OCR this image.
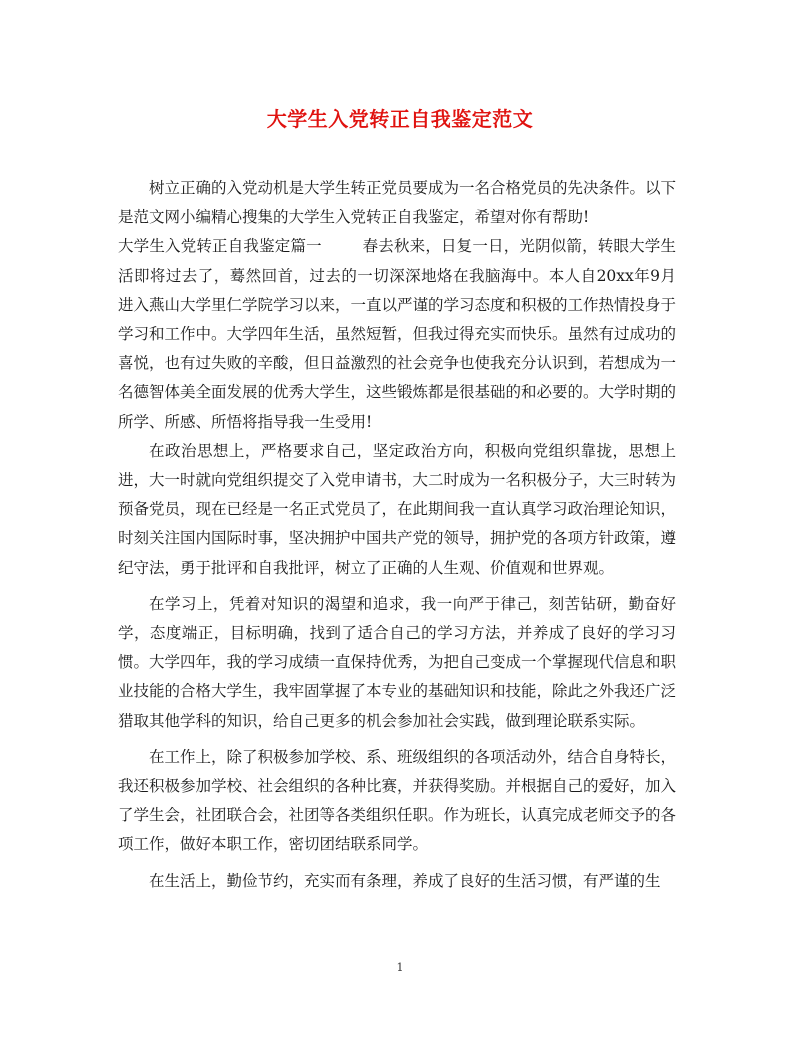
大学生入党转正自我鉴定范文

树立正确的入党动机是大学生转正党员要成为一名合格党员的先决条件。以下是范文网小编精心搜集的大学生入党转正自我鉴定，希望对你有帮助!

大学生入党转正自我鉴定篇一	春去秋来，日复一日，光阴似箭，转眼大学生活即将过去了，蓦然回首，过去的一切深深地烙在我脑海中。本人自20xx年9月进入燕山大学里仁学院学习以来，一直以严谨的学习态度和积极的工作热情投身于学习和工作中。大学四年生活，虽然短暂，但我过得充实而快乐。虽然有过成功的喜悦，也有过失败的辛酸，但日益激烈的社会竞争也使我充分认识到，若想成为一名德智体美全面发展的优秀大学生，这些锻炼都是很基础的和必要的。大学时期的所学、所感、所悟将指导我一生受用!

在政治思想上，严格要求自己，坚定政治方向，积极向党组织靠拢，思想上进，大一时就向党组织提交了入党申请书，大二时成为一名积极分子，大三时转为预备党员，现在已经是一名正式党员了，在此期间我一直认真学习政治理论知识，时刻关注国内国际时事，坚决拥护中国共产党的领导，拥护党的各项方针政策，遵纪守法，勇于批评和自我批评，树立了正确的人生观、价值观和世界观。

在学习上，凭着对知识的渴望和追求，我一向严于律己，刻苦钻研，勤奋好学，态度端正，目标明确，找到了适合自己的学习方法，并养成了良好的学习习惯。大学四年，我的学习成绩一直保持优秀，为把自己变成一个掌握现代信息和职业技能的合格大学生，我牢固掌握了本专业的基础知识和技能，除此之外我还广泛猎取其他学科的知识，给自己更多的机会参加社会实践，做到理论联系实际。

在工作上，除了积极参加学校、系、班级组织的各项活动外，结合自身特长，我还积极参加学校、社会组织的各种比赛，并获得奖励。并根据自己的爱好，加入了学生会，社团联合会，社团等各类组织任职。作为班长，认真完成老师交予的各项工作，做好本职工作，密切团结联系同学。

在生活上，勤俭节约，充实而有条理，养成了良好的生活习惯，有严谨的生

1
